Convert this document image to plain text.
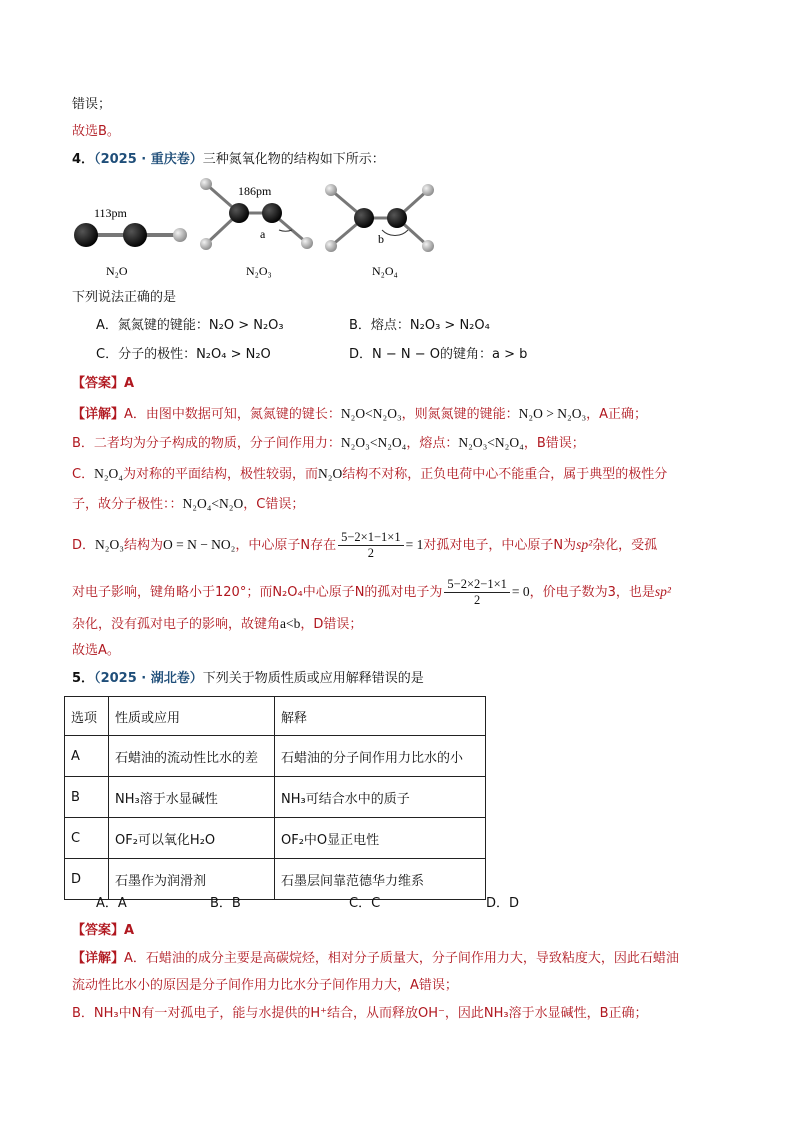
错误；
故选B。
4．（2025 · 重庆卷）三种氮氧化物的结构如下所示：
113pm
N₂O
186pm
a
N₂O₃
b
N₂O₄
下列说法正确的是
A．氮氮键的键能：N₂O > N₂O₃	B．熔点：N₂O₃ > N₂O₄
C．分子的极性：N₂O₄ > N₂O	D．N − N − O的键角：a > b
【答案】A
【详解】A．由图中数据可知，氮氮键的键长：N₂O<N₂O₃，则氮氮键的键能：N₂O > N₂O₃，A正确；
B．二者均为分子构成的物质，分子间作用力：N₂O₃<N₂O₄，熔点：N₂O₃<N₂O₄，B错误；
C．N₂O₄为对称的平面结构，极性较弱，而N₂O结构不对称，正负电荷中心不能重合，属于典型的极性分
子，故分子极性：：N₂O₄<N₂O，C错误；
D．N₂O₃结构为O = N − NO₂，中心原子N存在 $\frac{5-2\times 1-1\times 1}{2} = 1$对孤对电子，中心原子N为sp²杂化，受孤
对电子影响，键角略小于120°；而N₂O₄中心原子N的孤对电子为 $\frac{5-2\times 2-1\times 1}{2} = 0$，价电子数为3，也是sp²
杂化，没有孤对电子的影响，故键角a<b，D错误；
故选A。
5．（2025 · 湖北卷）下列关于物质性质或应用解释错误的是
选项	性质或应用	解释
A	石蜡油的流动性比水的差	石蜡油的分子间作用力比水的小
B	NH₃溶于水显碱性	NH₃可结合水中的质子
C	OF₂可以氧化H₂O	OF₂中O显正电性
D	石墨作为润滑剂	石墨层间靠范德华力维系
A．A	B．B	C．C	D．D
【答案】A
【详解】A．石蜡油的成分主要是高碳烷烃，相对分子质量大，分子间作用力大，导致粘度大，因此石蜡油
流动性比水小的原因是分子间作用力比水分子间作用力大，A错误；
B．NH₃中N有一对孤电子，能与水提供的H⁺结合，从而释放OH⁻，因此NH₃溶于水显碱性，B正确；
